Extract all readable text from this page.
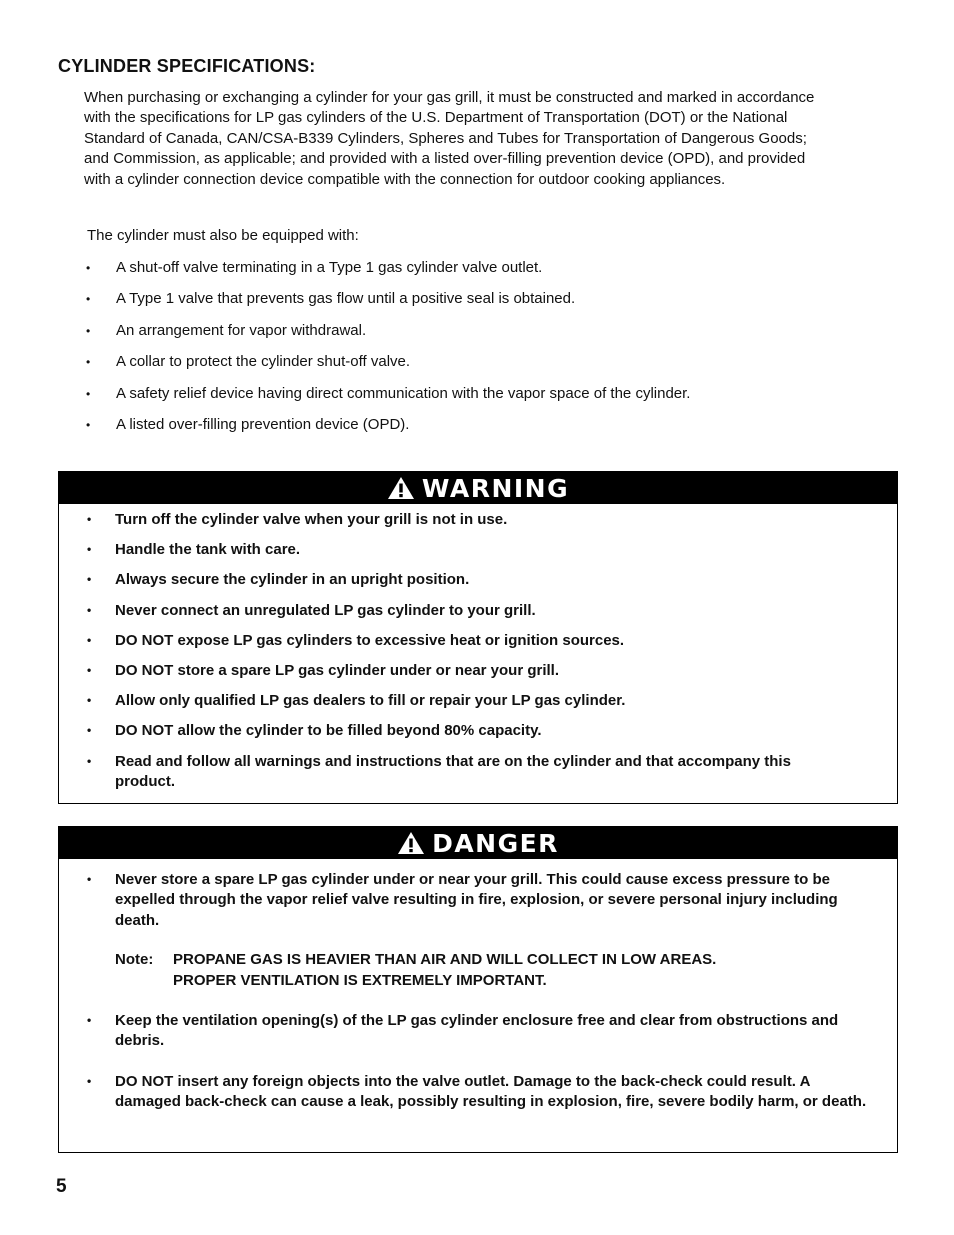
CYLINDER SPECIFICATIONS:

When purchasing or exchanging a cylinder for your gas grill, it must be constructed and marked in accordance with the specifications for LP gas cylinders of the U.S. Department of Transportation (DOT) or the National Standard of Canada, CAN/CSA-B339 Cylinders, Spheres and Tubes for Transportation of Dangerous Goods; and Commission, as applicable; and provided with a listed over-filling prevention device (OPD), and provided with a cylinder connection device compatible with the connection for outdoor cooking appliances.

The cylinder must also be equipped with:

• A shut-off valve terminating in a Type 1 gas cylinder valve outlet.
• A Type 1 valve that prevents gas flow until a positive seal is obtained.
• An arrangement for vapor withdrawal.
• A collar to protect the cylinder shut-off valve.
• A safety relief device having direct communication with the vapor space of the cylinder.
• A listed over-filling prevention device (OPD).
WARNING
• Turn off the cylinder valve when your grill is not in use.
• Handle the tank with care.
• Always secure the cylinder in an upright position.
• Never connect an unregulated LP gas cylinder to your grill.
• DO NOT expose LP gas cylinders to excessive heat or ignition sources.
• DO NOT store a spare LP gas cylinder under or near your grill.
• Allow only qualified LP gas dealers to fill or repair your LP gas cylinder.
• DO NOT allow the cylinder to be filled beyond 80% capacity.
• Read and follow all warnings and instructions that are on the cylinder and that accompany this product.
DANGER
• Never store a spare LP gas cylinder under or near your grill. This could cause excess pressure to be expelled through the vapor relief valve resulting in fire, explosion, or severe personal injury including death.
Note:	PROPANE GAS IS HEAVIER THAN AIR AND WILL COLLECT IN LOW AREAS.
PROPER VENTILATION IS EXTREMELY IMPORTANT.
• Keep the ventilation opening(s) of the LP gas cylinder enclosure free and clear from obstructions and debris.
• DO NOT insert any foreign objects into the valve outlet. Damage to the back-check could result. A damaged back-check can cause a leak, possibly resulting in explosion, fire, severe bodily harm, or death.
5
